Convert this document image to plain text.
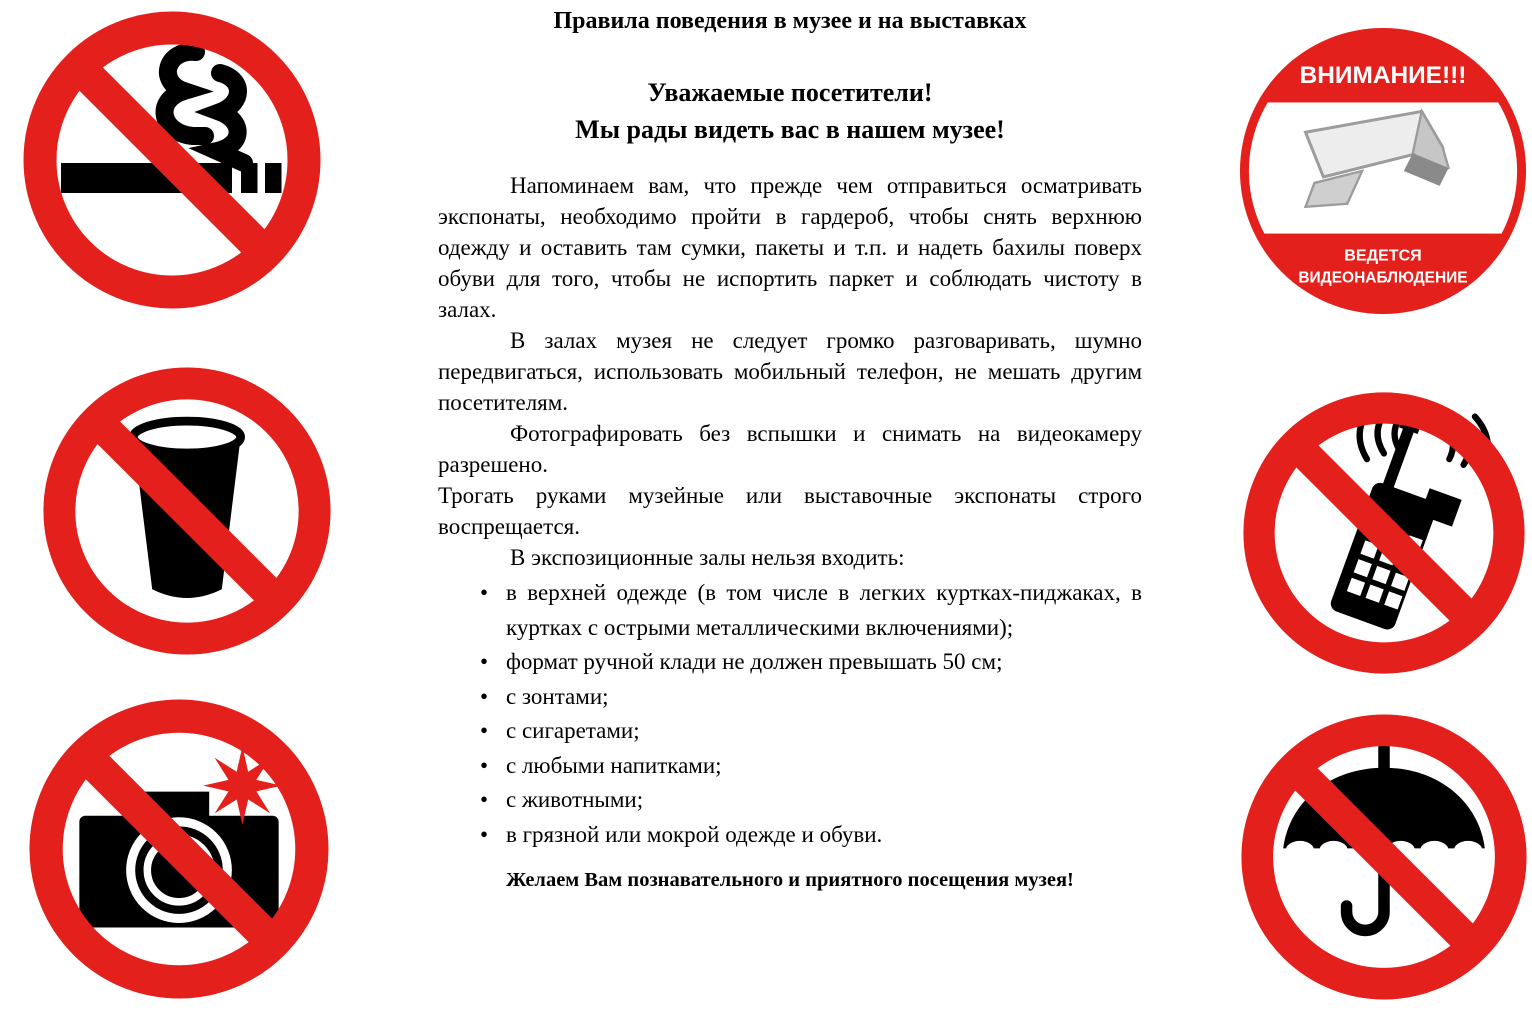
ВНИМАНИЕ!!!
ВЕДЕТСЯ
ВИДЕОНАБЛЮДЕНИЕ
Правила поведения в музее и на выставках

Уважаемые посетители!

Мы рады видеть вас в нашем музее!

Напоминаем вам, что прежде чем отправиться осматривать экспонаты, необходимо пройти в гардероб, чтобы снять верхнюю одежду и оставить там сумки, пакеты и т.п. и надеть бахилы поверх обуви для того, чтобы не испортить паркет и соблюдать чистоту в залах.

В залах музея не следует громко разговаривать, шумно передвигаться, использовать мобильный телефон, не мешать другим посетителям.

Фотографировать без вспышки и снимать на видеокамеру разрешено.

Трогать руками музейные или выставочные экспонаты строго воспрещается.

В экспозиционные залы нельзя входить:

• в верхней одежде (в том числе в легких куртках-пиджаках, в куртках с острыми металлическими включениями);
• формат ручной клади не должен превышать 50 см;
• с зонтами;
• с сигаретами;
• с любыми напитками;
• с животными;
• в грязной или мокрой одежде и обуви.

Желаем Вам познавательного и приятного посещения музея!
